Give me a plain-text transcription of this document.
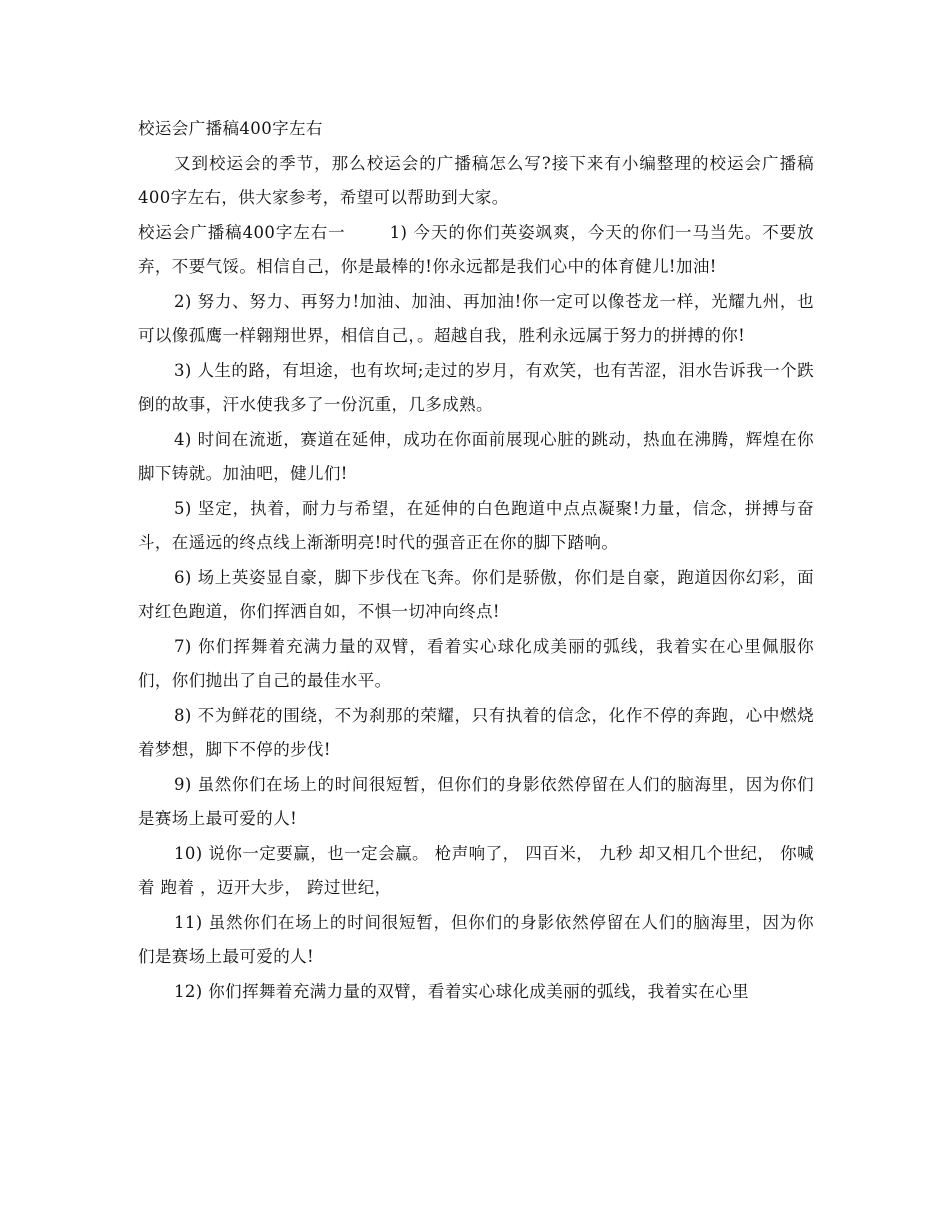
校运会广播稿400字左右

又到校运会的季节，那么校运会的广播稿怎么写?接下来有小编整理的校运会广播稿400字左右，供大家参考，希望可以帮助到大家。

校运会广播稿400字左右一	1) 今天的你们英姿飒爽，今天的你们一马当先。不要放弃，不要气馁。相信自己，你是最棒的!你永远都是我们心中的体育健儿!加油!

2) 努力、努力、再努力!加油、加油、再加油!你一定可以像苍龙一样，光耀九州，也可以像孤鹰一样翱翔世界，相信自己，。超越自我，胜利永远属于努力的拼搏的你!

3) 人生的路，有坦途，也有坎坷;走过的岁月，有欢笑，也有苦涩，泪水告诉我一个跌倒的故事，汗水使我多了一份沉重，几多成熟。

4) 时间在流逝，赛道在延伸，成功在你面前展现心脏的跳动，热血在沸腾，辉煌在你脚下铸就。加油吧，健儿们!

5) 坚定，执着，耐力与希望，在延伸的白色跑道中点点凝聚!力量，信念，拼搏与奋斗，在遥远的终点线上渐渐明亮!时代的强音正在你的脚下踏响。

6) 场上英姿显自豪，脚下步伐在飞奔。你们是骄傲，你们是自豪，跑道因你幻彩，面对红色跑道，你们挥洒自如，不惧一切冲向终点!

7) 你们挥舞着充满力量的双臂，看着实心球化成美丽的弧线，我着实在心里佩服你们，你们抛出了自己的最佳水平。

8) 不为鲜花的围绕，不为刹那的荣耀，只有执着的信念，化作不停的奔跑，心中燃烧着梦想，脚下不停的步伐!

9) 虽然你们在场上的时间很短暂，但你们的身影依然停留在人们的脑海里，因为你们是赛场上最可爱的人!

10) 说你一定要赢，也一定会赢。 枪声响了， 四百米， 九秒 却又相几个世纪， 你喊着 跑着 ，迈开大步， 跨过世纪，

11) 虽然你们在场上的时间很短暂，但你们的身影依然停留在人们的脑海里，因为你们是赛场上最可爱的人!

12) 你们挥舞着充满力量的双臂，看着实心球化成美丽的弧线，我着实在心里
